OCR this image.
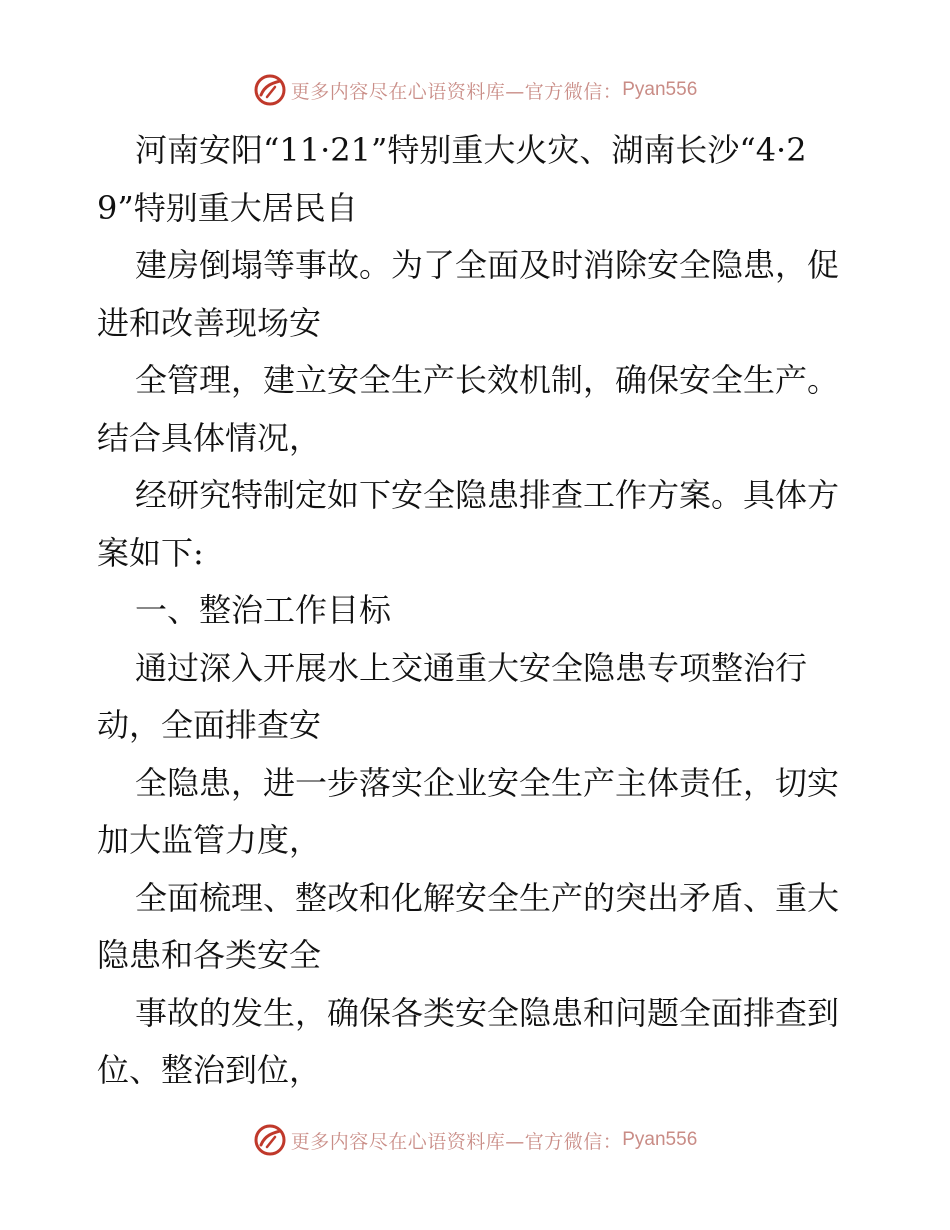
更多内容尽在心语资料库—官方微信： Pyan556

河南安阳“11·21”特别重大火灾、湖南长沙“4·29”特别重大居民自

建房倒塌等事故。为了全面及时消除安全隐患，促进和改善现场安

全管理，建立安全生产长效机制，确保安全生产。结合具体情况，

经研究特制定如下安全隐患排查工作方案。具体方案如下:

一、整治工作目标

通过深入开展水上交通重大安全隐患专项整治行动，全面排查安

全隐患，进一步落实企业安全生产主体责任，切实加大监管力度，

全面梳理、整改和化解安全生产的突出矛盾、重大隐患和各类安全

事故的发生，确保各类安全隐患和问题全面排查到位、整治到位，

更多内容尽在心语资料库—官方微信： Pyan556
